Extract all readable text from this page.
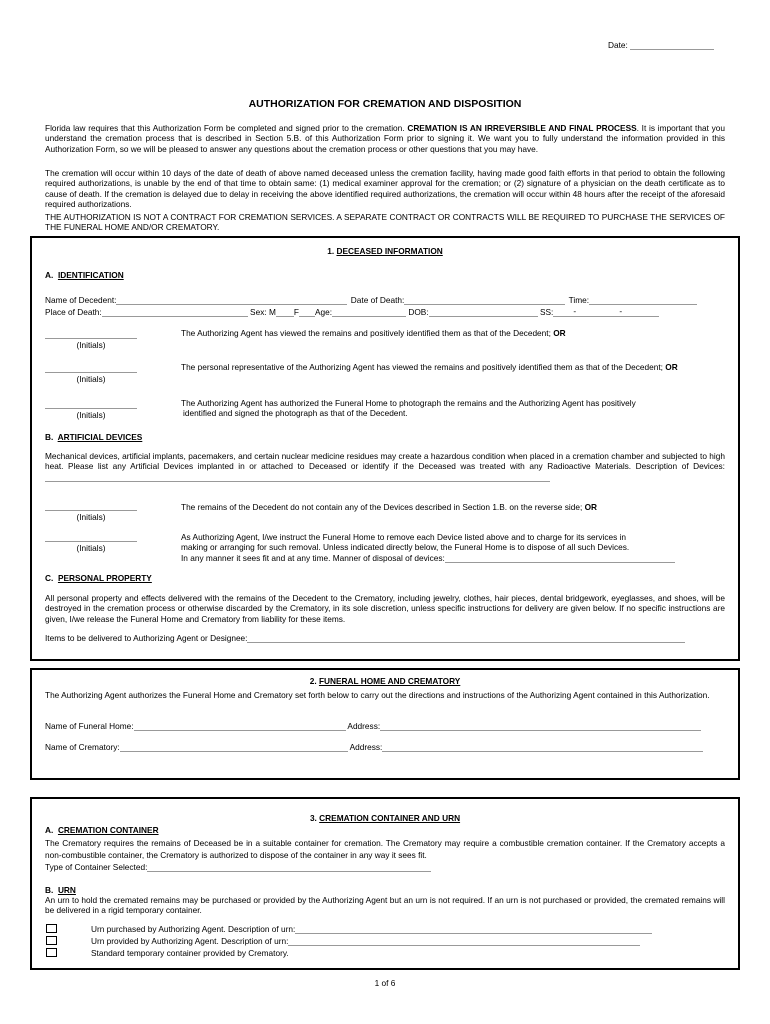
Date:
AUTHORIZATION FOR CREMATION AND DISPOSITION
Florida law requires that this Authorization Form be completed and signed prior to the cremation. CREMATION IS AN IRREVERSIBLE AND FINAL PROCESS. It is important that you understand the cremation process that is described in Section 5.B. of this Authorization Form prior to signing it. We want you to fully understand the information provided in this Authorization Form, so we will be pleased to answer any questions about the cremation process or other questions that you may have.
The cremation will occur within 10 days of the date of death of above named deceased unless the cremation facility, having made good faith efforts in that period to obtain the following required authorizations, is unable by the end of that time to obtain same: (1) medical examiner approval for the cremation; or (2) signature of a physician on the death certificate as to cause of death. If the cremation is delayed due to delay in receiving the above identified required authorizations, the cremation will occur within 48 hours after the receipt of the aforesaid required authorizations.
THE AUTHORIZATION IS NOT A CONTRACT FOR CREMATION SERVICES. A SEPARATE CONTRACT OR CONTRACTS WILL BE REQUIRED TO PURCHASE THE SERVICES OF THE FUNERAL HOME AND/OR CREMATORY.
1. DECEASED INFORMATION
A. IDENTIFICATION
Name of Decedent:	Date of Death:	Time:
Place of Death:	Sex: M F Age:	DOB:	SS: -	-
(Initials)
The Authorizing Agent has viewed the remains and positively identified them as that of the Decedent; OR
(Initials)
The personal representative of the Authorizing Agent has viewed the remains and positively identified them as that of the Decedent; OR
(Initials)
The Authorizing Agent has authorized the Funeral Home to photograph the remains and the Authorizing Agent has positively
identified and signed the photograph as that of the Decedent.
B. ARTIFICIAL DEVICES
Mechanical devices, artificial implants, pacemakers, and certain nuclear medicine residues may create a hazardous condition when placed in a cremation chamber and subjected to high heat. Please list any Artificial Devices implanted in or attached to Deceased or identify if the Deceased was treated with any Radioactive Materials. Description of Devices:
(Initials)
The remains of the Decedent do not contain any of the Devices described in Section 1.B. on the reverse side; OR
(Initials)
As Authorizing Agent, I/we instruct the Funeral Home to remove each Device listed above and to charge for its services in
making or arranging for such removal. Unless indicated directly below, the Funeral Home is to dispose of all such Devices.
In any manner it sees fit and at any time. Manner of disposal of devices:
C. PERSONAL PROPERTY
All personal property and effects delivered with the remains of the Decedent to the Crematory, including jewelry, clothes, hair pieces, dental bridgework, eyeglasses, and shoes, will be destroyed in the cremation process or otherwise discarded by the Crematory, in its sole discretion, unless specific instructions for delivery are given below. If no specific instructions are given, I/we release the Funeral Home and Crematory from liability for these items.
Items to be delivered to Authorizing Agent or Designee:
2. FUNERAL HOME AND CREMATORY
The Authorizing Agent authorizes the Funeral Home and Crematory set forth below to carry out the directions and instructions of the Authorizing Agent contained in this Authorization.
Name of Funeral Home:	Address:
Name of Crematory:	Address:
3. CREMATION CONTAINER AND URN
A. CREMATION CONTAINER
The Crematory requires the remains of Deceased be in a suitable container for cremation. The Crematory may require a combustible cremation container. If the Crematory accepts a non-combustible container, the Crematory is authorized to dispose of the container in any way it sees fit.
Type of Container Selected:
B. URN
An urn to hold the cremated remains may be purchased or provided by the Authorizing Agent but an urn is not required. If an urn is not purchased or provided, the cremated remains will be delivered in a rigid temporary container.
Urn purchased by Authorizing Agent. Description of urn:
Urn provided by Authorizing Agent. Description of urn:
Standard temporary container provided by Crematory.
1 of 6
